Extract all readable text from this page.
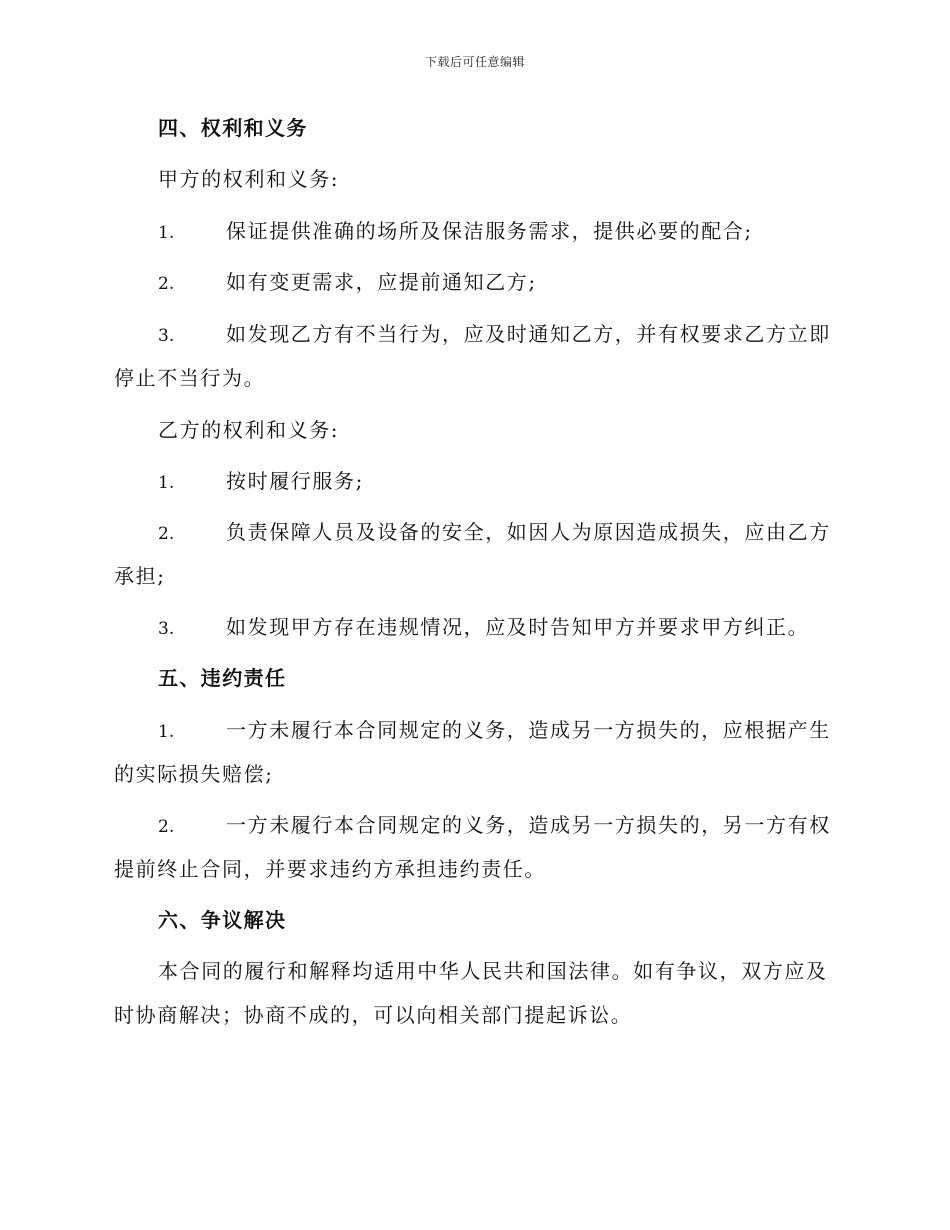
下载后可任意编辑
四、权利和义务
甲方的权利和义务:
1.	保证提供准确的场所及保洁服务需求，提供必要的配合;
2.	如有变更需求，应提前通知乙方;
3.	如发现乙方有不当行为，应及时通知乙方，并有权要求乙方立即
停止不当行为。
乙方的权利和义务:
1.	按时履行服务;
2.	负责保障人员及设备的安全，如因人为原因造成损失，应由乙方
承担;
3.	如发现甲方存在违规情况，应及时告知甲方并要求甲方纠正。
五、违约责任
1.	一方未履行本合同规定的义务，造成另一方损失的，应根据产生
的实际损失赔偿;
2.	一方未履行本合同规定的义务，造成另一方损失的，另一方有权
提前终止合同，并要求违约方承担违约责任。
六、争议解决
本合同的履行和解释均适用中华人民共和国法律。如有争议，双方应及
时协商解决；协商不成的，可以向相关部门提起诉讼。
